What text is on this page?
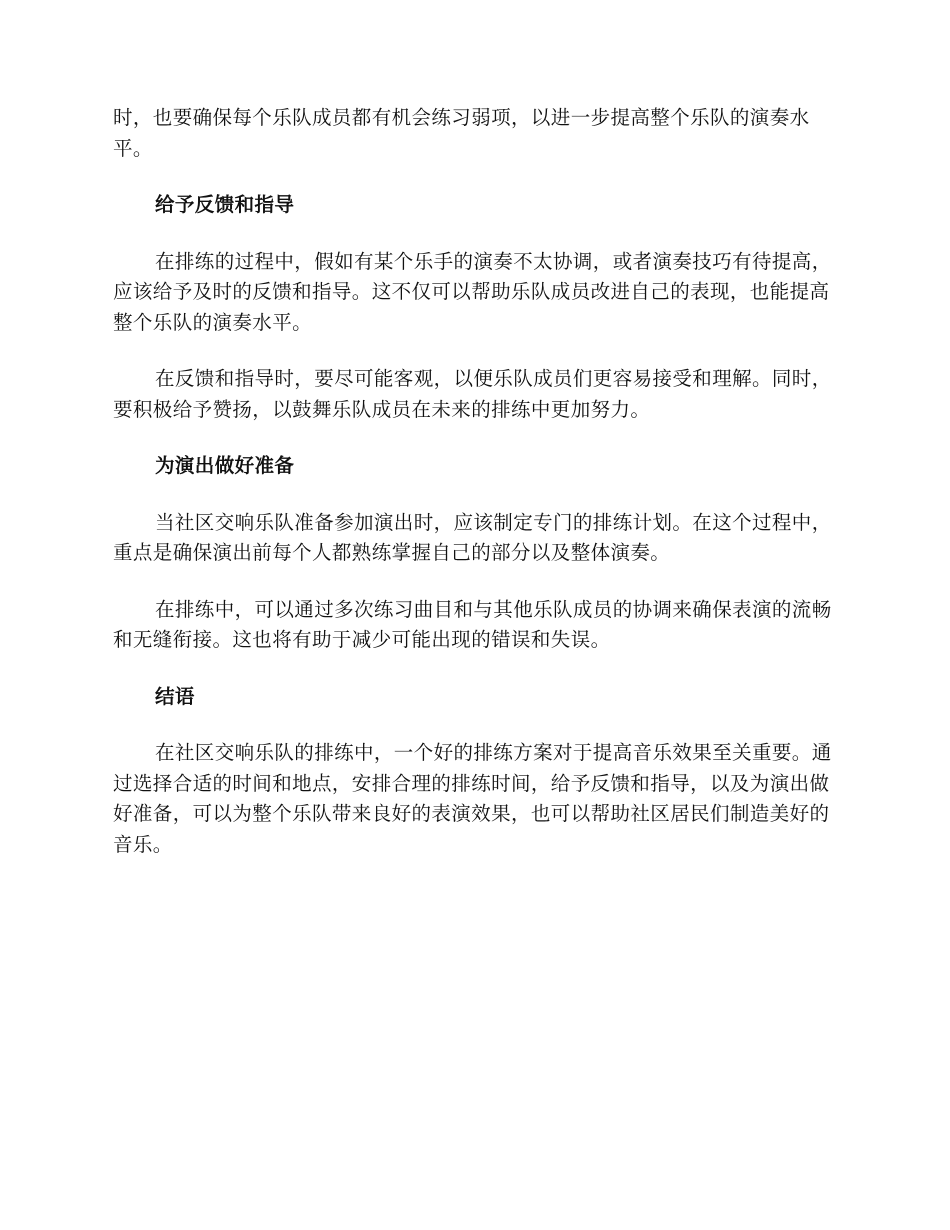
时，也要确保每个乐队成员都有机会练习弱项，以进一步提高整个乐队的演奏水平。

给予反馈和指导

在排练的过程中，假如有某个乐手的演奏不太协调，或者演奏技巧有待提高，应该给予及时的反馈和指导。这不仅可以帮助乐队成员改进自己的表现，也能提高整个乐队的演奏水平。

在反馈和指导时，要尽可能客观，以便乐队成员们更容易接受和理解。同时，要积极给予赞扬，以鼓舞乐队成员在未来的排练中更加努力。

为演出做好准备

当社区交响乐队准备参加演出时，应该制定专门的排练计划。在这个过程中，重点是确保演出前每个人都熟练掌握自己的部分以及整体演奏。

在排练中，可以通过多次练习曲目和与其他乐队成员的协调来确保表演的流畅和无缝衔接。这也将有助于减少可能出现的错误和失误。

结语

在社区交响乐队的排练中，一个好的排练方案对于提高音乐效果至关重要。通过选择合适的时间和地点，安排合理的排练时间，给予反馈和指导，以及为演出做好准备，可以为整个乐队带来良好的表演效果，也可以帮助社区居民们制造美好的音乐。
